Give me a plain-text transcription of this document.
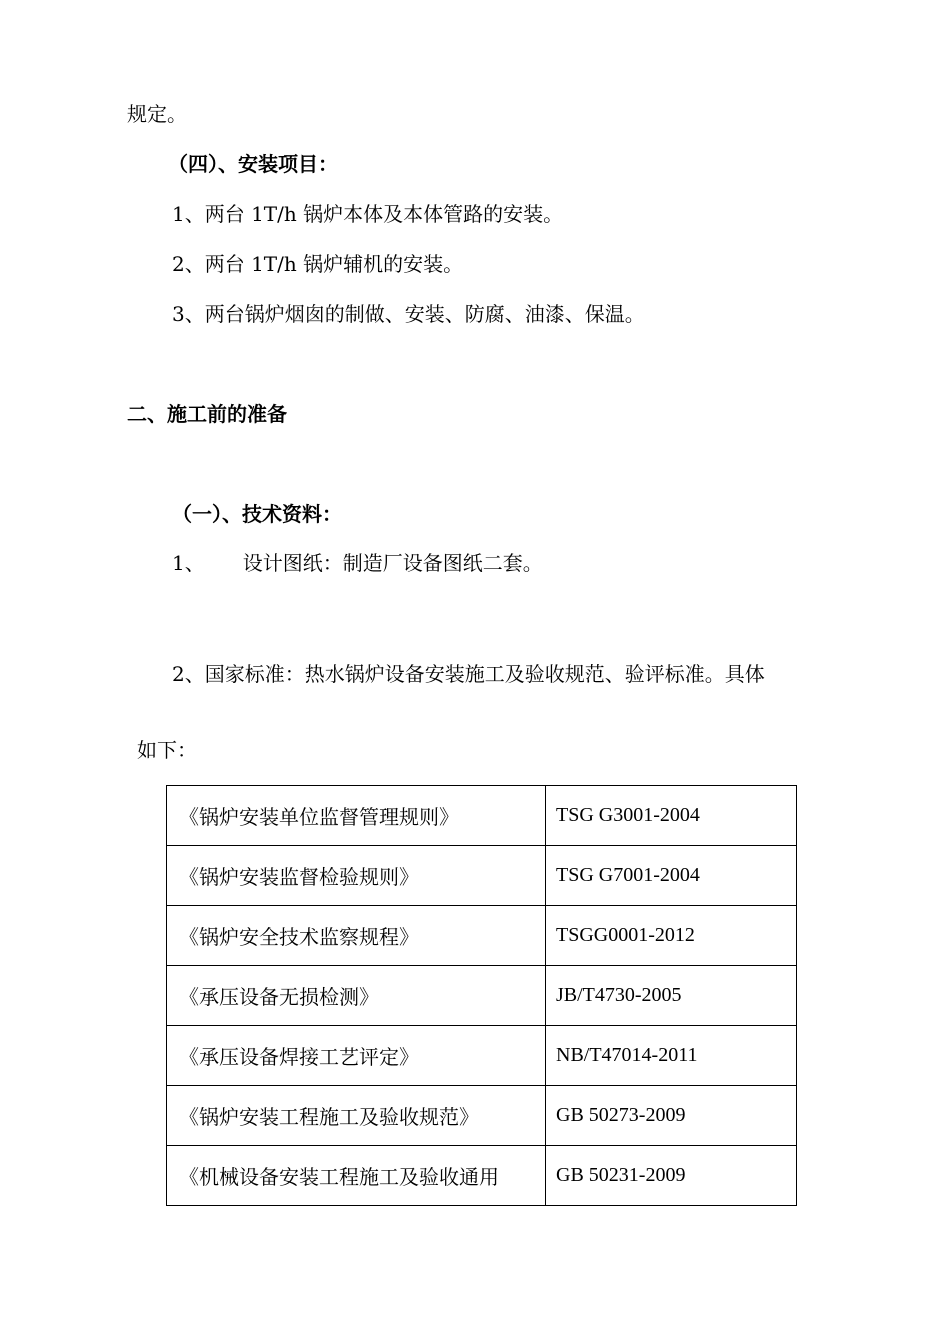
规定。
（四）、安装项目：
1、两台 1T/h 锅炉本体及本体管路的安装。
2、两台 1T/h 锅炉辅机的安装。
3、两台锅炉烟囱的制做、安装、防腐、油漆、保温。
二、施工前的准备
（一）、技术资料：
1、 设计图纸：制造厂设备图纸二套。
2、国家标准：热水锅炉设备安装施工及验收规范、验评标准。具体
如下：
《锅炉安装单位监督管理规则》	TSG G3001-2004
《锅炉安装监督检验规则》	TSG G7001-2004
《锅炉安全技术监察规程》	TSGG0001-2012
《承压设备无损检测》	JB/T4730-2005
《承压设备焊接工艺评定》	NB/T47014-2011
《锅炉安装工程施工及验收规范》	GB 50273-2009
《机械设备安装工程施工及验收通用	GB 50231-2009
